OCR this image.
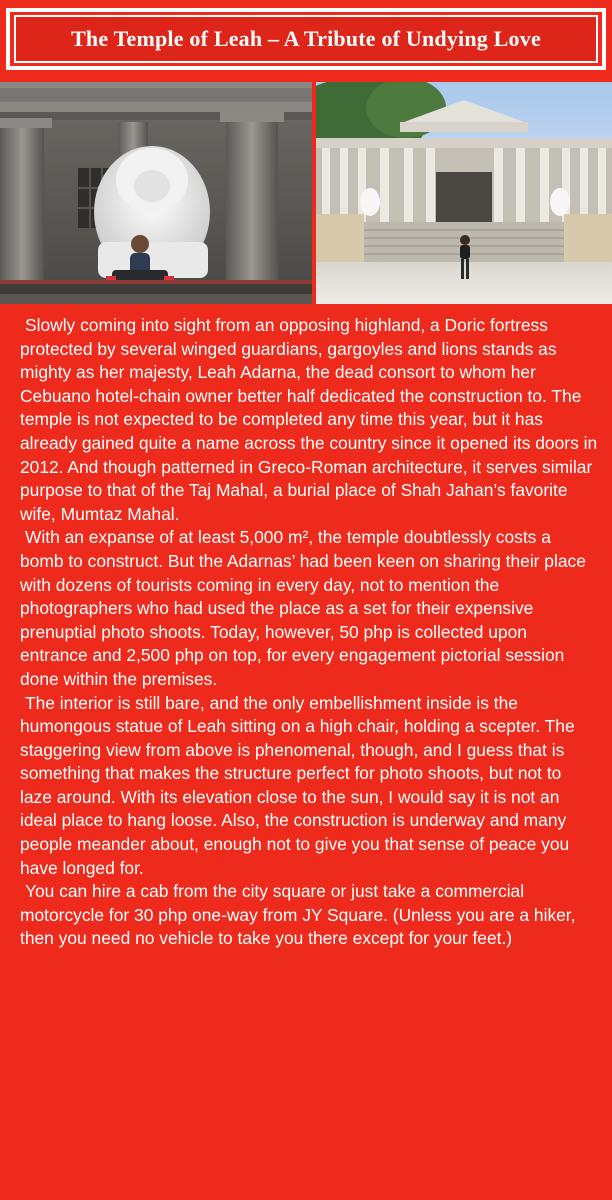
The Temple of Leah – A Tribute of Undying Love

Slowly coming into sight from an opposing highland, a Doric fortress protected by several winged guardians, gargoyles and lions stands as mighty as her majesty, Leah Adarna, the dead consort to whom her Cebuano hotel-chain owner better half dedicated the construction to. The temple is not expected to be completed any time this year, but it has already gained quite a name across the country since it opened its doors in 2012. And though patterned in Greco-Roman architecture, it serves similar purpose to that of the Taj Mahal, a burial place of Shah Jahan’s favorite wife, Mumtaz Mahal.

With an expanse of at least 5,000 m², the temple doubtlessly costs a bomb to construct. But the Adarnas’ had been keen on sharing their place with dozens of tourists coming in every day, not to mention the photographers who had used the place as a set for their expensive prenuptial photo shoots. Today, however, 50 php is collected upon entrance and 2,500 php on top, for every engagement pictorial session done within the premises.

The interior is still bare, and the only embellishment inside is the humongous statue of Leah sitting on a high chair, holding a scepter. The staggering view from above is phenomenal, though, and I guess that is something that makes the structure perfect for photo shoots, but not to laze around. With its elevation close to the sun, I would say it is not an ideal place to hang loose. Also, the construction is underway and many people meander about, enough not to give you that sense of peace you have longed for.

You can hire a cab from the city square or just take a commercial motorcycle for 30 php one-way from JY Square. (Unless you are a hiker, then you need no vehicle to take you there except for your feet.)
